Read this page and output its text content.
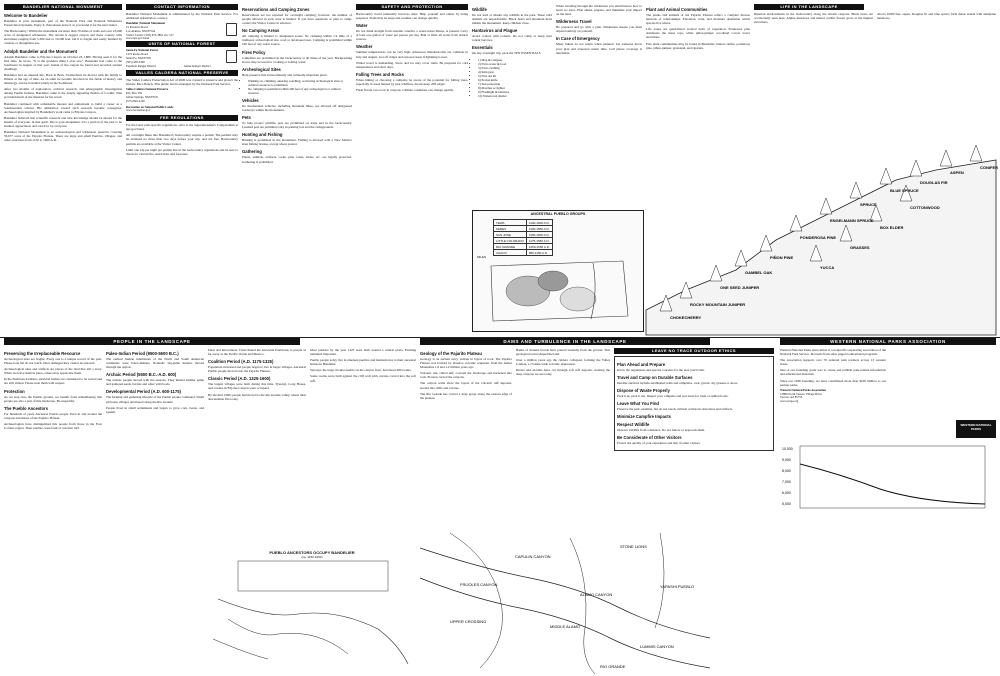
BANDELIER NATIONAL MONUMENT
Welcome to Bandelier

Bandelier is your monument, part of the National Park and National Wilderness Preservation Systems. Enjoy it, then please leave it as you found it for the next visitor.

The Backcountry: Within the monument are more than 70 miles of trails and over 23,000 acres of designated wilderness. The terrain is rugged canyon and mesa country with elevations ranging from 5,300 feet to 10,200 feet, but it is fragile and easily harmed by careless or thoughtless use.

Adolph Bandelier and the Monument

Adolph Bandelier came to Frijoles Canyon on October 23, 1880. Having seen it for the first time, he wrote, "It is the grandest thing I ever saw". Bandelier had come to the Southwest in August of that year. Inside of the canyon he found and recorded ancient dwellings.

Bandelier had an unusual life. Born in Bern, Switzerland, he moved with his family to Illinois at the age of nine. As an adult he became involved in the fields of history and ethnology, and he travelled widely in the Southwest.

After two months of exploration, archival research, and ethnographic investigation among Pueblo Indians, Bandelier came to the deeply appealing Pueblo of Cochiti. That provided much of the material for his novel.

Bandelier continued with remarkable interest and enthusiasm to build a career as a Southwestern scholar. His admiration toward such research became contagious. Archaeologists inspired by Bandelier's work came to Frijoles Canyon.

Bandelier believed that scientific research and new knowledge should be shared for the benefit of everyone. In that spirit, this is your monument. It is a portion of the past to be studied, appreciated, and cared for by everyone.

Bandelier National Monument is an archaeological and wilderness preserve covering 33,677 acres of the Pajarito Plateau. There are large and small Pueblos, villages, and other structures from 1150 to 1600 A.D.

CONTACT INFORMATION

Bandelier National Monument is administered by the National Park Service. For additional information, contact:

Bandelier National Monument

15 Entrance Road

Los Alamos, NM 87544

Visitor Center: (505) 672-3861 ext. 517

www.nps.gov/band

UNITS OF NATIONAL FOREST

Santa Fe National Forest

1474 Rodeo Road

Santa Fe, NM 87505

(505) 438-5300

Española Ranger District	Jemez Ranger District

VALLES CALDERA NATIONAL PRESERVE

The Valles Caldera Preservation Act of 2000 was created to preserve and protect the historic Baca Ranch. This public land is managed by the National Park Service.

Valles Caldera National Preserve

P.O. Box 359

Jemez Springs, NM 87025

(575) 829-4100

Recreation on National Public Lands

www.recreation.gov

FEE REGULATIONS

For the latest park-specific regulations, refer to the Superintendent's Compendium at nps.gov/band.

All overnight hikes into Bandelier's backcountry require a permit. The permits may be obtained no more than two days before your trip, and are free. Backcountry permits are available at the Visitor Center.

Limit one trip per night per permit. Know the backcountry regulations and be sure to check for current fire restrictions and forecasts.

Reservations and Camping Zones

Reservations are not required for overnight camping; however, the number of people allowed in each zone is limited. If you have questions or plan to camp, contact the Visitor Center in advance.

No Camping Areas

All camping is limited to designated zones. No camping within 1/4 mile of a trailhead, archeological site, road or developed area. Camping is prohibited within 100 feet of any water source.

Fires Policy

Campfires are prohibited in the backcountry at all times of the year. Backpacking stoves may be used for cooking or boiling water.

Archeological Sites

Help preserve this extraordinarily and culturally important place.

• Walking on, climbing, entering, touching, or moving archeological sites or cultural resources is prohibited.
• No camping is permitted within 200 feet of any archeological or cultural resource.
Vehicles

No mechanized vehicles, including mountain bikes, are allowed off designated roadways within the monument.

Pets

To help protect wildlife, pets are prohibited on trails and in the backcountry. Leashed pets are permitted only in parking lots and the campgrounds.

Hunting and Fishing

Hunting is prohibited in the monument. Fishing is allowed with a New Mexico state fishing license, except where posted.

Gathering

Plants, animals, artifacts, rocks, pine cones, sticks, etc. are legally protected. Gathering is prohibited.

SAFETY AND PROTECTION

Backcountry travel inherently involves risks. Help yourself and others by being prepared. Trails may be steep and weather can change quickly.

Water

Do not drink straight from streams. Giardia, a water-borne illness, is present. Carry at least one gallon of water per person per day. Boil or filter all water from natural sources.

Weather

Summer temperatures can be very high. Afternoon thunderstorms are common in July and August. Get off ridges and exposed areas if lightning is near.

Winter travel is demanding. Snow and ice may cover trails. Be prepared for cold temperatures and short days.

Falling Trees and Rocks

When hiking or choosing a campsite be aware of the potential for falling trees, especially in areas burned by past wildfires. Avoid steep cliff edges.

Flash floods can occur in canyons. Climate conditions can change rapidly.

Wildlife

Do not feed or disturb any wildlife in the park. These wild animals are unpredictable. Black bears and mountain lions inhabit the monument. Keep children close.

Hantavirus and Plague

Avoid contact with rodents. Do not camp or sleep near rodent burrows.

Essentials

On any overnight trip, pack the TEN ESSENTIALS

• 1) Map & compass
• 2) Extra water & food
• 3) Extra clothing
• 4) Rain gear
• 5) First aid kit
• 6) Pocket knife
• 7) Sun protection
• 8) Matches or lighter
• 9) Flashlight & batteries
• 10) Waterproof shelter

When traveling through the wilderness you should know how to leave no trace. Plan ahead, prepare, and minimize your impact on the land.

Wilderness Travel

Be prepared and go with a plan. Wilderness means you must depend entirely on yourself.

In Case of Emergency

Many hikers do not return when planned. Let someone know your plan and expected return time. Cell phone coverage is unreliable.

ANCESTRAL PUEBLO GROUPS
TEWA	1100-1600 A.D.
KERES	1100-1550 A.D.
SAN JOSE	1150-1600 A.D.
LITTLE COLORADO	1175-1550 A.D.
RIO GRANDE	1250-1550 A.D.
CHACO	850-1150 A.D.
MILES
Plant and Animal Communities

The plants and animals of the Pajarito Plateau reflect a complex diverse network of relationships. Elevation, soils, and moisture determine which species live where.

Life zones are generalized vertical belts of vegetation. Ponderosa pine dominates the mesa tops, while piñon-juniper woodland covers lower elevations.

Five plant communities may be found in Bandelier: mixed conifer, ponderosa pine, piñon-juniper, grassland, and riparian.

LIFE IN THE LANDSCAPE

Riparian environments in the backcountry along the stream canyons. Black bears are occasionally seen here. Alpine meadows and mixed conifer forests grow at the highest elevations.

Above 9,000 feet, aspen, Douglas fir and blue spruce form dense stands with subalpine meadows.

ASPEN
DOUGLAS FIR
BLUE SPRUCE
CONIFER
SPRUCE
ENGELMANN SPRUCE
PONDEROSA PINE
PIÑON PINE
GAMBEL OAK
ONE SEED JUNIPER
ROCKY MOUNTAIN JUNIPER
CHOKECHERRY
COTTONWOOD
BOX ELDER
GRASSES
YUCCA
PEOPLE IN THE LANDSCAPE	DAMS AND TURBULENCE IN THE LANDSCAPE	WESTERN NATIONAL PARKS ASSOCIATION
Preserving the Irreplaceable Resource

Archeological sites are fragile. Every one is a unique record of the past. Please look but do not touch. Once damaged they cannot be restored.

Archaeological sites and artifacts are pieces of the land that tell a story. When we leave them in place, others may appreciate them.

In the Puebloan tradition, ancestral homes are considered to be sacred and are still visited. Please treat them with respect.

Protection

As we step onto the Pueblo ground, we benefit from remembering that people are also a part of this landscape. Be respectful.

The Pueblo Ancestors

For hundreds of years Ancestral Pueblo people lived in and around the canyons and mesas of the Pajarito Plateau.

Archaeologists have distinguished this people from those in the Four Corners region. Their pueblos were built of volcanic tuff.

Paleo-Indian Period (9500-5500 B.C.)

The earliest human inhabitants of the North and South American continents were Paleo-Indians. Nomadic big-game hunters moved through the region.

Archaic Period (5500 B.C.-A.D. 600)

The archaic people moved with the seasons. They hunted smaller game and gathered seeds, berries and other wild foods.

Developmental Period (A.D. 600-1175)

The farming and gathering lifestyle of the Pueblo people continued. Small pit house villages developed along the Rio Grande.

People lived in small settlements and began to grow corn, beans, and squash.

Ideas and innovations. Trade linked the Ancestral Puebloans to people as far away as the Pacific Ocean and Mexico.

Coalition Period (A.D. 1175-1325)

Population increased and people began to live in larger villages. Ancestral Pueblo people moved onto the Pajarito Plateau.

Classic Period (A.D. 1325-1600)

The largest villages were built during this time. Tyuonyi, Long House, and cavates in Frijoles Canyon were occupied.

By the mid 1500s people had moved to the Rio Grande valley, where their descendants live today.

Most pueblos by the year 1325 were built around a central plaza. Farming remained important.

Pueblo people today live in nineteen pueblos and maintain ties to their ancestral homes in Bandelier.

Tyuonyi, the large circular pueblo on the canyon floor, had about 400 rooms.

Some rooms were built against the cliff wall with cavates carved into the soft tuff.

PUEBLO ANCESTORS OCCUPY BANDELIER
(ca. 1150-1600)
Geology of the Pajarito Plateau

Geology is an ancient story, written in layers of rock. The Pajarito Plateau was formed by massive volcanic eruptions from the Jemez Mountains 1.6 and 1.2 million years ago.

Volcanic ash, called tuff, covered the landscape and hardened into rock. Erosion carved the canyons.

The canyon walls show the layers of the volcanic tuff deposits, eroded into cliffs and cavates.

The Rio Grande has carved a deep gorge along the eastern edge of the plateau.

Banks of modern fronds have poured violently from the ground. This geological event shaped the land.

Over a million years ago the caldera collapsed, forming the Valles Caldera, a 15-mile-wide volcanic depression.

Rivers and streams have cut through soft tuff deposits creating the deep canyons we see today.

RIO GRANDE
FRIJOLES CANYON
CAPULIN CANYON
ALAMO CANYON
LUMMIS CANYON
UPPER CROSSING
MIDDLE ALAMO
STONE LIONS
YAPASHI PUEBLO
LEAVE NO TRACE OUTDOOR ETHICS
Plan Ahead and Prepare

Know the regulations and special concerns for the area you'll visit.

Travel and Camp on Durable Surfaces

Durable surfaces include established trails and campsites, rock, gravel, dry grasses or snow.

Dispose of Waste Properly

Pack it in, pack it out. Inspect your campsite and rest areas for trash or spilled foods.

Leave What You Find

Preserve the past: examine, but do not touch, cultural or historic structures and artifacts.

Minimize Campfire Impacts
Respect Wildlife

Observe wildlife from a distance. Do not follow or approach them.

Be Considerate of Other Visitors

Protect the quality of your experience and that of other visitors.

Western National Parks Association is a nonprofit cooperating association of the National Park Service. Proceeds from sales support educational programs.

The association supports over 70 national park partners across 13 western states.

One of our founding goals was to create and publish park-related information and educational materials.

Since our 1938 founding, we have contributed more than $100 million to our partner parks.

Western National Parks Association

12880 North Vistoso Village Drive

Tucson, AZ 85755

www.wnpa.org

WESTERN NATIONAL PARKS
10,000
9,000
8,000
7,000
6,000
5,000
